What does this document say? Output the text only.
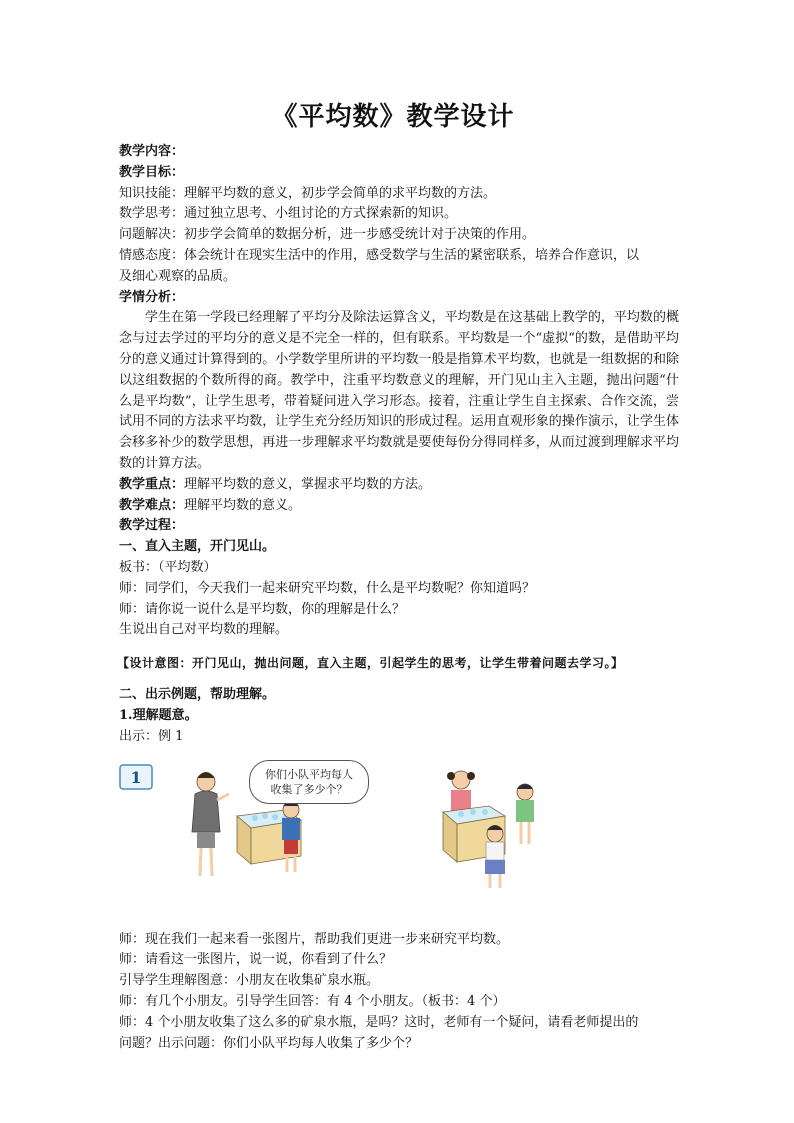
《平均数》教学设计

教学内容：

教学目标：

知识技能：理解平均数的意义，初步学会简单的求平均数的方法。

数学思考：通过独立思考、小组讨论的方式探索新的知识。

问题解决：初步学会简单的数据分析，进一步感受统计对于决策的作用。

情感态度：体会统计在现实生活中的作用，感受数学与生活的紧密联系，培养合作意识，以

及细心观察的品质。

学情分析：

学生在第一学段已经理解了平均分及除法运算含义，平均数是在这基础上教学的，平均数的概念与过去学过的平均分的意义是不完全一样的，但有联系。平均数是一个“虚拟“的数，是借助平均分的意义通过计算得到的。小学数学里所讲的平均数一般是指算术平均数，也就是一组数据的和除以这组数据的个数所得的商。教学中，注重平均数意义的理解，开门见山主入主题，抛出问题“什么是平均数”，让学生思考，带着疑问进入学习形态。接着，注重让学生自主探索、合作交流，尝试用不同的方法求平均数，让学生充分经历知识的形成过程。运用直观形象的操作演示，让学生体会移多补少的数学思想，再进一步理解求平均数就是要使每份分得同样多，从而过渡到理解求平均数的计算方法。

教学重点：理解平均数的意义，掌握求平均数的方法。

教学难点：理解平均数的意义。

教学过程：

一、直入主题，开门见山。

板书：（平均数）

师：同学们，今天我们一起来研究平均数，什么是平均数呢？你知道吗？

师：请你说一说什么是平均数，你的理解是什么？

生说出自己对平均数的理解。

【设计意图：开门见山，抛出问题，直入主题，引起学生的思考，让学生带着问题去学习。】

二、出示例题，帮助理解。

1.理解题意。

出示：例 1

1	你们小队平均每人
收集了多少个？

师：现在我们一起来看一张图片，帮助我们更进一步来研究平均数。

师：请看这一张图片，说一说，你看到了什么？

引导学生理解图意：小朋友在收集矿泉水瓶。

师：有几个小朋友。引导学生回答：有 4 个小朋友。（板书：4 个）

师：4 个小朋友收集了这么多的矿泉水瓶，是吗？这时，老师有一个疑问，请看老师提出的

问题？出示问题：你们小队平均每人收集了多少个？
